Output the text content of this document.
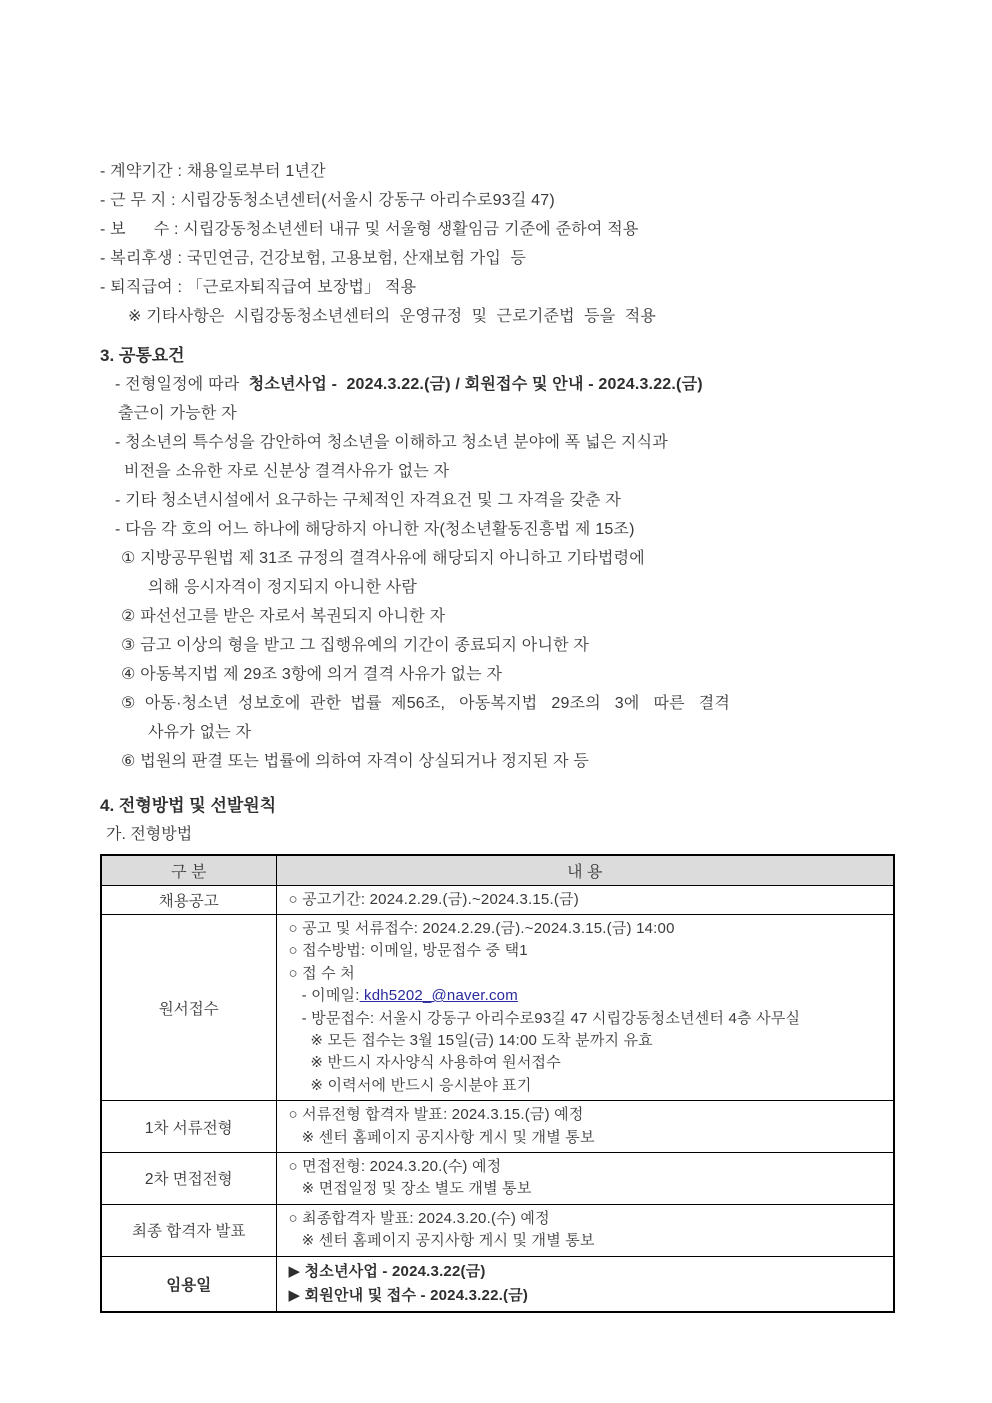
- 계약기간 : 채용일로부터 1년간
- 근 무 지 : 시립강동청소년센터(서울시 강동구 아리수로93길 47)
- 보      수 : 시립강동청소년센터 내규 및 서울형 생활임금 기준에 준하여 적용
- 복리후생 : 국민연금, 건강보험, 고용보험, 산재보험 가입  등
- 퇴직급여 : 「근로자퇴직급여 보장법」 적용
※ 기타사항은  시립강동청소년센터의  운영규정  및  근로기준법  등을  적용
3. 공통요건
- 전형일정에 따라  청소년사업 -  2024.3.22.(금) / 회원접수 및 안내 - 2024.3.22.(금)
출근이 가능한 자
- 청소년의 특수성을 감안하여 청소년을 이해하고 청소년 분야에 폭 넓은 지식과
비전을 소유한 자로 신분상 결격사유가 없는 자
- 기타 청소년시설에서 요구하는 구체적인 자격요건 및 그 자격을 갖춘 자
- 다음 각 호의 어느 하나에 해당하지 아니한 자(청소년활동진흥법 제 15조)
① 지방공무원법 제 31조 규정의 결격사유에 해당되지 아니하고 기타법령에
의해 응시자격이 정지되지 아니한 사람
② 파선선고를 받은 자로서 복권되지 아니한 자
③ 금고 이상의 형을 받고 그 집행유예의 기간이 종료되지 아니한 자
④ 아동복지법 제 29조 3항에 의거 결격 사유가 없는 자
⑤  아동·청소년  성보호에  관한  법률  제56조,   아동복지법   29조의   3에   따른   결격
사유가 없는 자
⑥ 법원의 판결 또는 법률에 의하여 자격이 상실되거나 정지된 자 등
4. 전형방법 및 선발원칙
가. 전형방법
구 분	내 용
채용공고	○ 공고기간: 2024.2.29.(금).~2024.3.15.(금)

원서접수	
○ 공고 및 서류접수: 2024.2.29.(금).~2024.3.15.(금) 14:00
○ 접수방법: 이메일, 방문접수 중 택1
○ 접 수 처
- 이메일: kdh5202_@naver.com
- 방문접수: 서울시 강동구 아리수로93길 47 시립강동청소년센터 4층 사무실
※ 모든 접수는 3월 15일(금) 14:00 도착 분까지 유효
※ 반드시 자사양식 사용하여 원서접수
※ 이력서에 반드시 응시분야 표기

1차 서류전형	○ 서류전형 합격자 발표: 2024.3.15.(금) 예정
※ 센터 홈페이지 공지사항 게시 및 개별 통보

2차 면접전형	○ 면접전형: 2024.3.20.(수) 예정
※ 면접일정 및 장소 별도 개별 통보

최종 합격자 발표	○ 최종합격자 발표: 2024.3.20.(수) 예정
※ 센터 홈페이지 공지사항 게시 및 개별 통보

임용일	▶ 청소년사업 - 2024.3.22(금)
▶ 회원안내 및 접수 - 2024.3.22.(금)
